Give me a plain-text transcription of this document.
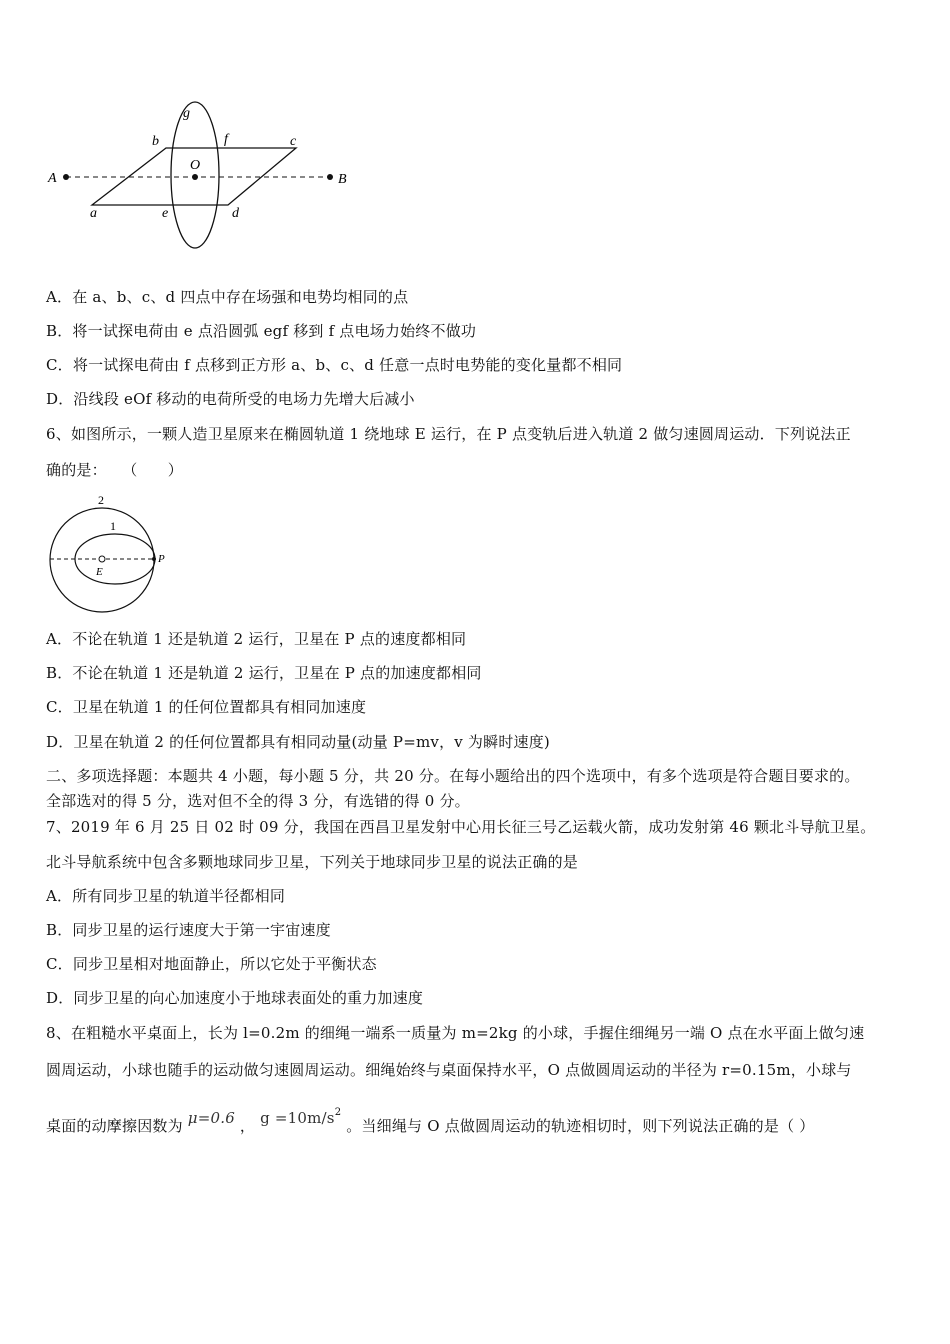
A	B
a
b	c
d
e
f
g
O
A．在 a、b、c、d 四点中存在场强和电势均相同的点
B．将一试探电荷由 e 点沿圆弧 egf 移到 f 点电场力始终不做功
C．将一试探电荷由 f 点移到正方形 a、b、c、d 任意一点时电势能的变化量都不相同
D．沿线段 eOf 移动的电荷所受的电场力先增大后减小
6、如图所示，一颗人造卫星原来在椭圆轨道 1 绕地球 E 运行，在 P 点变轨后进入轨道 2 做匀速圆周运动．下列说法正
确的是：　　（　　）
2
1
E
P
A．不论在轨道 1 还是轨道 2 运行，卫星在 P 点的速度都相同
B．不论在轨道 1 还是轨道 2 运行，卫星在 P 点的加速度都相同
C．卫星在轨道 1 的任何位置都具有相同加速度
D．卫星在轨道 2 的任何位置都具有相同动量(动量 P=mv，v 为瞬时速度)
二、多项选择题：本题共 4 小题，每小题 5 分，共 20 分。在每小题给出的四个选项中，有多个选项是符合题目要求的。
全部选对的得 5 分，选对但不全的得 3 分，有选错的得 0 分。
7、2019 年 6 月 25 日 02 时 09 分，我国在西昌卫星发射中心用长征三号乙运载火箭，成功发射第 46 颗北斗导航卫星。
北斗导航系统中包含多颗地球同步卫星，下列关于地球同步卫星的说法正确的是
A．所有同步卫星的轨道半径都相同
B．同步卫星的运行速度大于第一宇宙速度
C．同步卫星相对地面静止，所以它处于平衡状态
D．同步卫星的向心加速度小于地球表面处的重力加速度
8、在粗糙水平桌面上，长为 l=0.2m 的细绳一端系一质量为 m=2kg 的小球，手握住细绳另一端 O 点在水平面上做匀速
圆周运动，小球也随手的运动做匀速圆周运动。细绳始终与桌面保持水平，O 点做圆周运动的半径为 r=0.15m，小球与
桌面的动摩擦因数为 μ=0.6 ， $g =10m/s^2$ 。当细绳与 O 点做圆周运动的轨迹相切时，则下列说法正确的是（ ）
